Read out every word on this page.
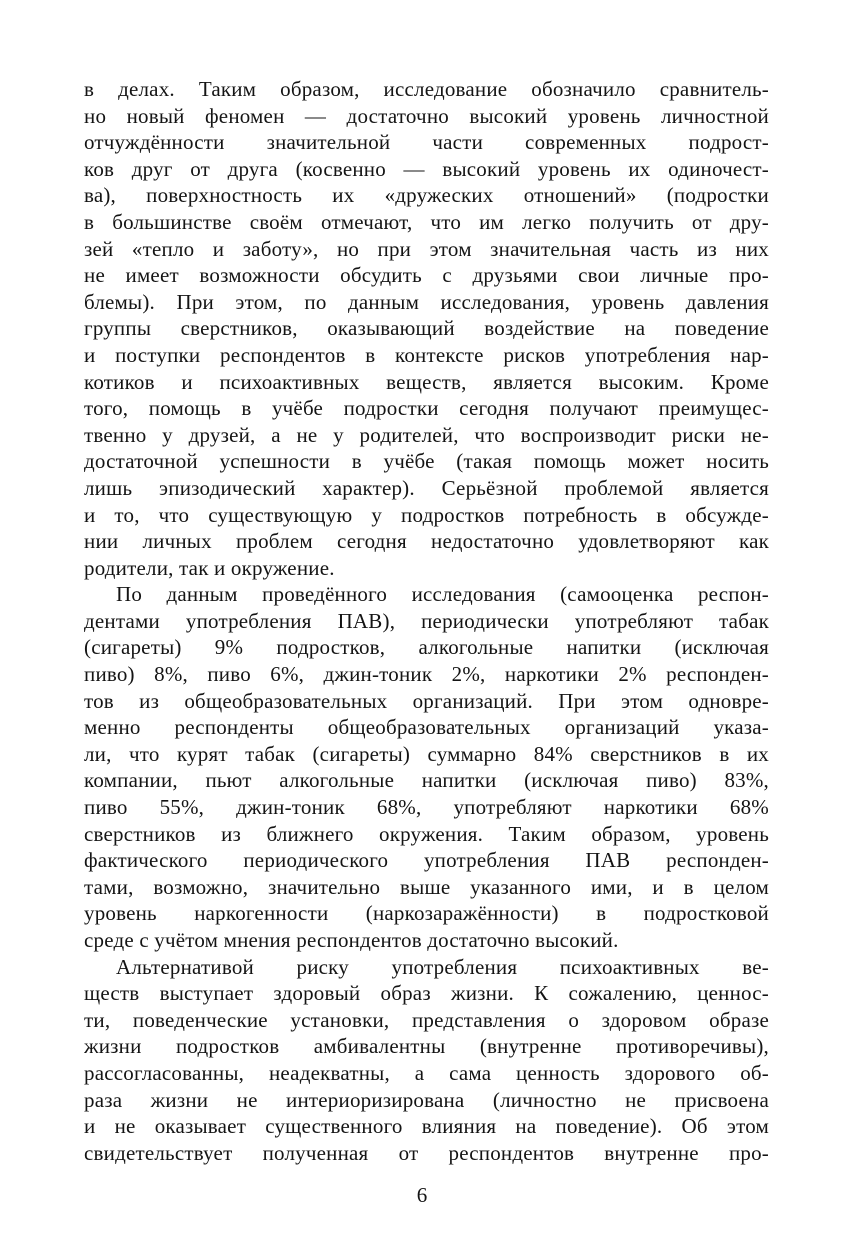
в делах. Таким образом, исследование обозначило сравнитель-
но новый феномен — достаточно высокий уровень личностной
отчуждённости значительной части современных подрост-
ков друг от друга (косвенно — высокий уровень их одиночест-
ва), поверхностность их «дружеских отношений» (подростки
в большинстве своём отмечают, что им легко получить от дру-
зей «тепло и заботу», но при этом значительная часть из них
не имеет возможности обсудить с друзьями свои личные про-
блемы). При этом, по данным исследования, уровень давления
группы сверстников, оказывающий воздействие на поведение
и поступки респондентов в контексте рисков употребления нар-
котиков и психоактивных веществ, является высоким. Кроме
того, помощь в учёбе подростки сегодня получают преимущес-
твенно у друзей, а не у родителей, что воспроизводит риски не-
достаточной успешности в учёбе (такая помощь может носить
лишь эпизодический характер). Серьёзной проблемой является
и то, что существующую у подростков потребность в обсужде-
нии личных проблем сегодня недостаточно удовлетворяют как
родители, так и окружение.
По данным проведённого исследования (самооценка респон-
дентами употребления ПАВ), периодически употребляют табак
(сигареты) 9% подростков, алкогольные напитки (исключая
пиво) 8%, пиво 6%, джин-тоник 2%, наркотики 2% респонден-
тов из общеобразовательных организаций. При этом одновре-
менно респонденты общеобразовательных организаций указа-
ли, что курят табак (сигареты) суммарно 84% сверстников в их
компании, пьют алкогольные напитки (исключая пиво) 83%,
пиво 55%, джин-тоник 68%, употребляют наркотики 68%
сверстников из ближнего окружения. Таким образом, уровень
фактического периодического употребления ПАВ респонден-
тами, возможно, значительно выше указанного ими, и в целом
уровень наркогенности (наркозаражённости) в подростковой
среде с учётом мнения респондентов достаточно высокий.
Альтернативой риску употребления психоактивных ве-
ществ выступает здоровый образ жизни. К сожалению, ценнос-
ти, поведенческие установки, представления о здоровом образе
жизни подростков амбивалентны (внутренне противоречивы),
рассогласованны, неадекватны, а сама ценность здорового об-
раза жизни не интериоризирована (личностно не присвоена
и не оказывает существенного влияния на поведение). Об этом
свидетельствует полученная от респондентов внутренне про-
6
